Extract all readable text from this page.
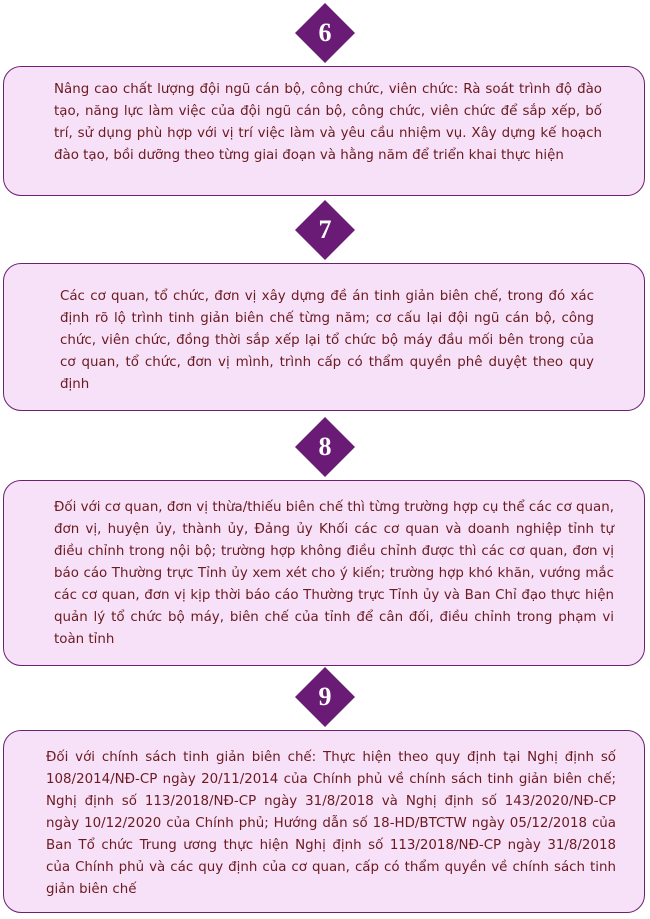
6

Nâng cao chất lượng đội ngũ cán bộ, công chức, viên chức: Rà soát trình độ đào tạo, năng lực làm việc của đội ngũ cán bộ, công chức, viên chức để sắp xếp, bố trí, sử dụng phù hợp với vị trí việc làm và yêu cầu nhiệm vụ. Xây dựng kế hoạch đào tạo, bồi dưỡng theo từng giai đoạn và hằng năm để triển khai thực hiện

7

Các cơ quan, tổ chức, đơn vị xây dựng đề án tinh giản biên chế, trong đó xác định rõ lộ trình tinh giản biên chế từng năm; cơ cấu lại đội ngũ cán bộ, công chức, viên chức, đồng thời sắp xếp lại tổ chức bộ máy đầu mối bên trong của cơ quan, tổ chức, đơn vị mình, trình cấp có thẩm quyền phê duyệt theo quy định

8

Đối với cơ quan, đơn vị thừa/thiếu biên chế thì từng trường hợp cụ thể các cơ quan, đơn vị, huyện ủy, thành ủy, Đảng ủy Khối các cơ quan và doanh nghiệp tỉnh tự điều chỉnh trong nội bộ; trường hợp không điều chỉnh được thì các cơ quan, đơn vị báo cáo Thường trực Tỉnh ủy xem xét cho ý kiến; trường hợp khó khăn, vướng mắc các cơ quan, đơn vị kịp thời báo cáo Thường trực Tỉnh ủy và Ban Chỉ đạo thực hiện quản lý tổ chức bộ máy, biên chế của tỉnh để cân đối, điều chỉnh trong phạm vi toàn tỉnh

9

Đối với chính sách tinh giản biên chế: Thực hiện theo quy định tại Nghị định số 108/2014/NĐ-CP ngày 20/11/2014 của Chính phủ về chính sách tinh giản biên chế; Nghị định số 113/2018/NĐ-CP ngày 31/8/2018 và Nghị định số 143/2020/NĐ-CP ngày 10/12/2020 của Chính phủ; Hướng dẫn số 18-HD/BTCTW ngày 05/12/2018 của Ban Tổ chức Trung ương thực hiện Nghị định số 113/2018/NĐ-CP ngày 31/8/2018 của Chính phủ và các quy định của cơ quan, cấp có thẩm quyền về chính sách tinh giản biên chế
